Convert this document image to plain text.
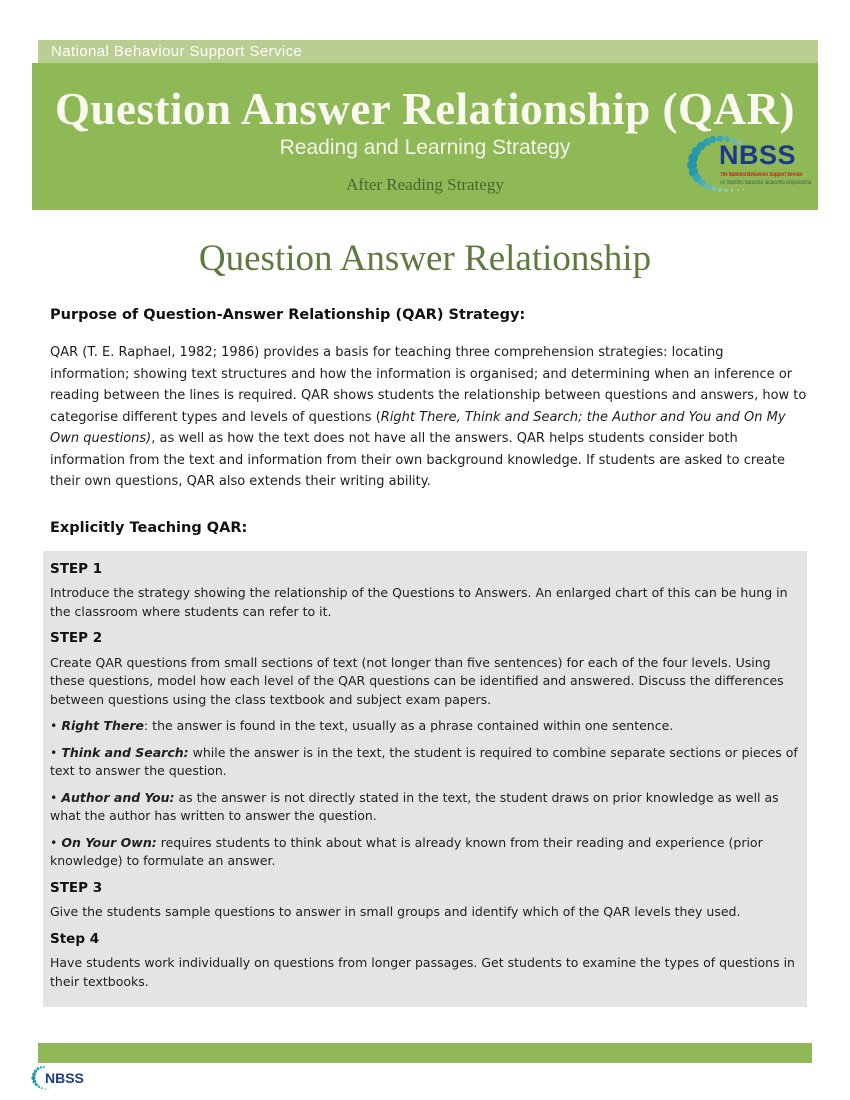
National Behaviour Support Service
Question Answer Relationship (QAR)
Reading and Learning Strategy
After Reading Strategy
NBSS
The National Behaviour Support Service
An tSeirbhís Náisiúnta Tacaíochta Iompraíochta
Question Answer Relationship
Purpose of Question-Answer Relationship (QAR) Strategy:

QAR (T. E. Raphael, 1982; 1986) provides a basis for teaching three comprehension strategies: locating information; showing text structures and how the information is organised; and determining when an inference or reading between the lines is required. QAR shows students the relationship between questions and answers, how to categorise different types and levels of questions (Right There, Think and Search; the Author and You and On My Own questions), as well as how the text does not have all the answers. QAR helps students consider both information from the text and information from their own background knowledge. If students are asked to create their own questions, QAR also extends their writing ability.

Explicitly Teaching QAR:
STEP 1

Introduce the strategy showing the relationship of the Questions to Answers. An enlarged chart of this can be hung in the classroom where students can refer to it.

STEP 2

Create QAR questions from small sections of text (not longer than five sentences) for each of the four levels. Using these questions, model how each level of the QAR questions can be identified and answered. Discuss the differences between questions using the class textbook and subject exam papers.

• Right There: the answer is found in the text, usually as a phrase contained within one sentence.

• Think and Search: while the answer is in the text, the student is required to combine separate sections or pieces of text to answer the question.

• Author and You: as the answer is not directly stated in the text, the student draws on prior knowledge as well as what the author has written to answer the question.

• On Your Own: requires students to think about what is already known from their reading and experience (prior knowledge) to formulate an answer.

STEP 3

Give the students sample questions to answer in small groups and identify which of the QAR levels they used.

Step 4

Have students work individually on questions from longer passages. Get students to examine the types of questions in their textbooks.

NBSS
